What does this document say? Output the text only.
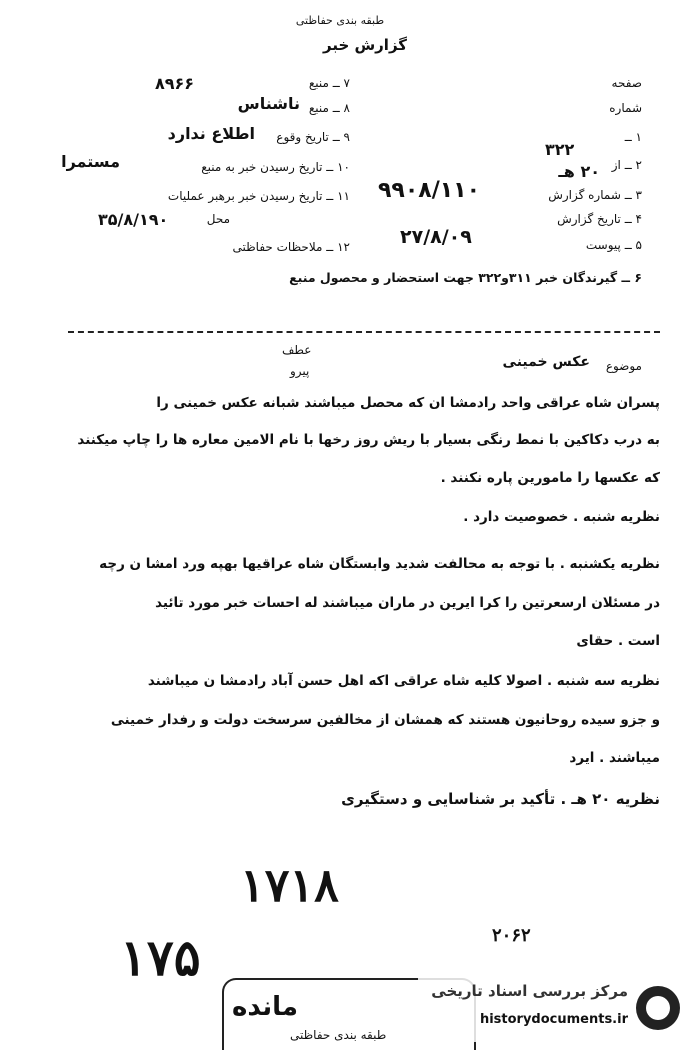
طبقه بندی حفاظتی
گزارش خبر
۷ ــ منبع
۸ ــ منبع
ناشناس
۸۹۶۶
۹ ــ تاریخ وقوع
اطلاع ندارد
۱۰ ــ تاریخ رسیدن خبر به منبع
مستمرا
۱۱ ــ تاریخ رسیدن خبر برهبر عملیات
محل
۳۵/۸/۱۹۰
۱۲ ــ ملاحظات حفاظتی
صفحه
شماره
۱ ــ
۳۲۲
۲ ــ از
۲۰ هـ
۳ ــ شماره گزارش
۹۹۰۸/۱۱۰
۴ ــ تاریخ گزارش
۲۷/۸/۰۹	۵ ــ پیوست
۶ ــ گیرندگان خبر ۳۱۱و۳۲۲ جهت استحضار و محصول منبع
عطف
پیرو	موضوع
عکس خمینی
پسران شاه عراقی واحد رادمشا ان که محصل میباشند شبانه عکس خمینی را
به درب دکاکین با نمط رنگی بسیار با ریش روز رخها با نام الامین معاره ها را چاپ میکنند
که عکسها را مامورین پاره نکنند .
نظریه شنبه . خصوصیت دارد .
نظریه یکشنبه . با توجه به محالفت شدید وابستگان شاه عراقیها بهپه ورد امشا ن رچه
در مسئلان ارسعرتین را کرا ایرین در ماران میباشند له احسات خبر مورد تائید
است . حقای
نظریه سه شنبه . اصولا کلیه شاه عراقی اکه اهل حسن آباد رادمشا ن میباشند
و جزو سیده روحانیون هستند که همشان از مخالفین سرسخت دولت و رفدار خمینی
میباشند . ایرد
نظریه ۲۰ هـ . تأکید بر شناسایی و دستگیری
۱۷۱۸
۱۷۵	۲۰۶۲
مانده
طبقه بندی حفاظتی
مرکز بررسی اسناد تاریخی
historydocuments.ir
